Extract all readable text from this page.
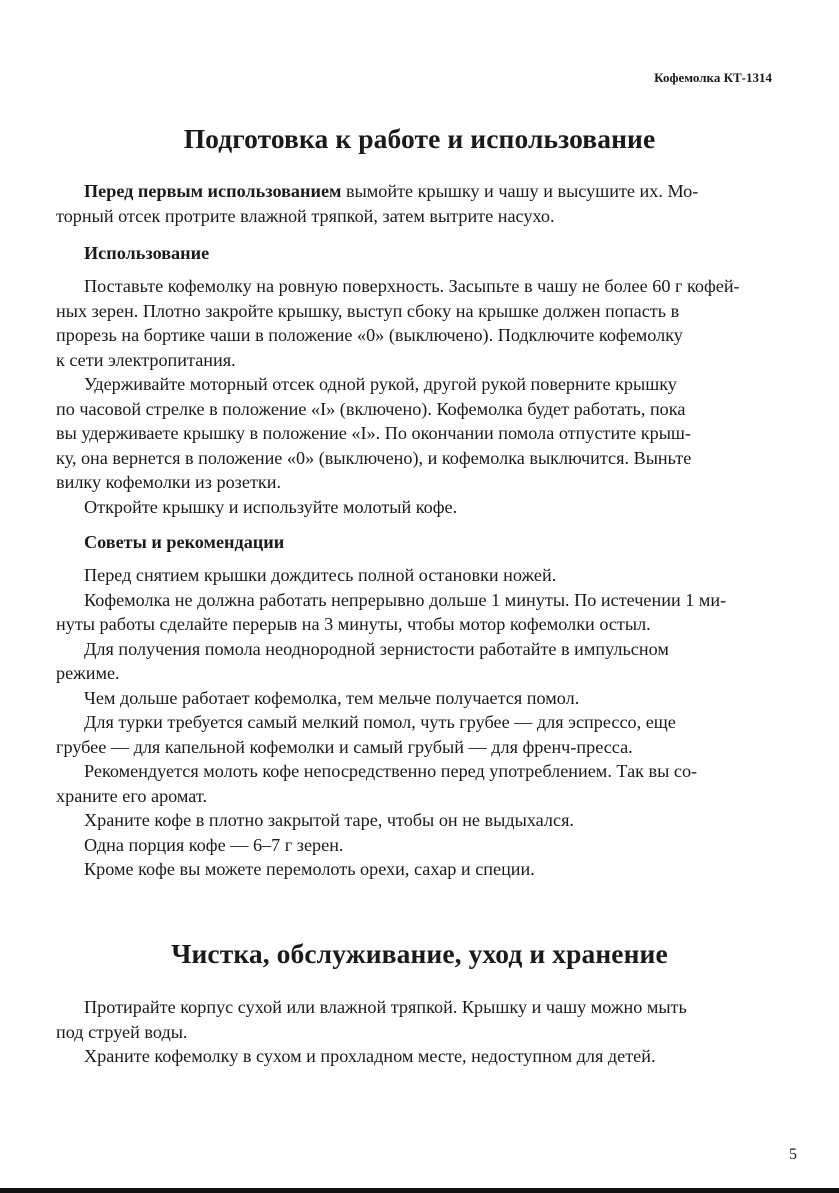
Кофемолка КТ-1314
Подготовка к работе и использование
Перед первым использованием вымойте крышку и чашу и высушите их. Мо-
торный отсек протрите влажной тряпкой, затем вытрите насухо.
Использование
Поставьте кофемолку на ровную поверхность. Засыпьте в чашу не более 60 г кофей-
ных зерен. Плотно закройте крышку, выступ сбоку на крышке должен попасть в
прорезь на бортике чаши в положение «0» (выключено). Подключите кофемолку
к сети электропитания.
Удерживайте моторный отсек одной рукой, другой рукой поверните крышку
по часовой стрелке в положение «I» (включено). Кофемолка будет работать, пока
вы удерживаете крышку в положение «I». По окончании помола отпустите крыш-
ку, она вернется в положение «0» (выключено), и кофемолка выключится. Выньте
вилку кофемолки из розетки.
Откройте крышку и используйте молотый кофе.
Советы и рекомендации
Перед снятием крышки дождитесь полной остановки ножей.
Кофемолка не должна работать непрерывно дольше 1 минуты. По истечении 1 ми-
нуты работы сделайте перерыв на 3 минуты, чтобы мотор кофемолки остыл.
Для получения помола неоднородной зернистости работайте в импульсном
режиме.
Чем дольше работает кофемолка, тем мельче получается помол.
Для турки требуется самый мелкий помол, чуть грубее — для эспрессо, еще
грубее — для капельной кофемолки и самый грубый — для френч-пресса.
Рекомендуется молоть кофе непосредственно перед употреблением. Так вы со-
храните его аромат.
Храните кофе в плотно закрытой таре, чтобы он не выдыхался.
Одна порция кофе — 6–7 г зерен.
Кроме кофе вы можете перемолоть орехи, сахар и специи.
Чистка, обслуживание, уход и хранение
Протирайте корпус сухой или влажной тряпкой. Крышку и чашу можно мыть
под струей воды.
Храните кофемолку в сухом и прохладном месте, недоступном для детей.
5
